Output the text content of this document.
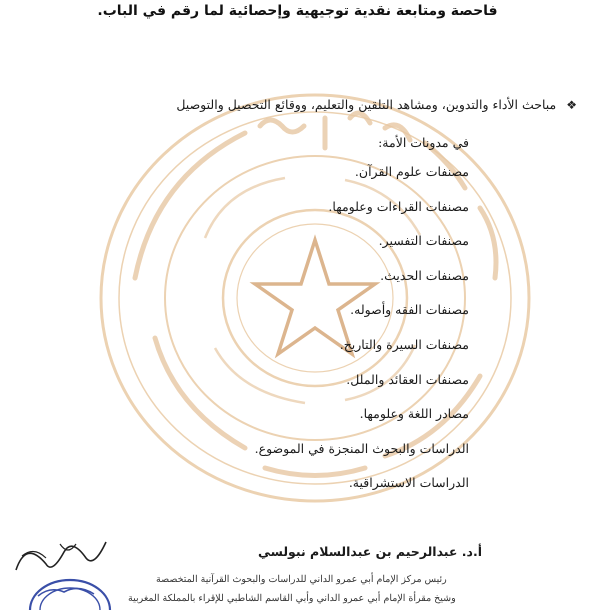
فاحصة ومتابعة نقدية توجيهية وإحصائية لما رقم في الباب.
❖ مباحث الأداء والتدوين، ومشاهد التلقين والتعليم، ووقائع التحصيل والتوصيل
في مدونات الأمة:
مصنفات علوم القرآن.
مصنفات القراءات وعلومها.
مصنفات التفسير.
مصنفات الحديث.
مصنفات الفقه وأصوله.
مصنفات السيرة والتاريخ.
مصنفات العقائد والملل.
مصادر اللغة وعلومها.
الدراسات والبحوث المنجزة في الموضوع.
الدراسات الاستشراقية.
أ.د. عبدالرحيم بن عبدالسلام نبولسي
رئيس مركز الإمام أبي عمرو الداني للدراسات والبحوث القرآنية المتخصصة
وشيخ مقرأة الإمام أبي عمرو الداني وأبي القاسم الشاطبي للإقراء بالمملكة المغربية
